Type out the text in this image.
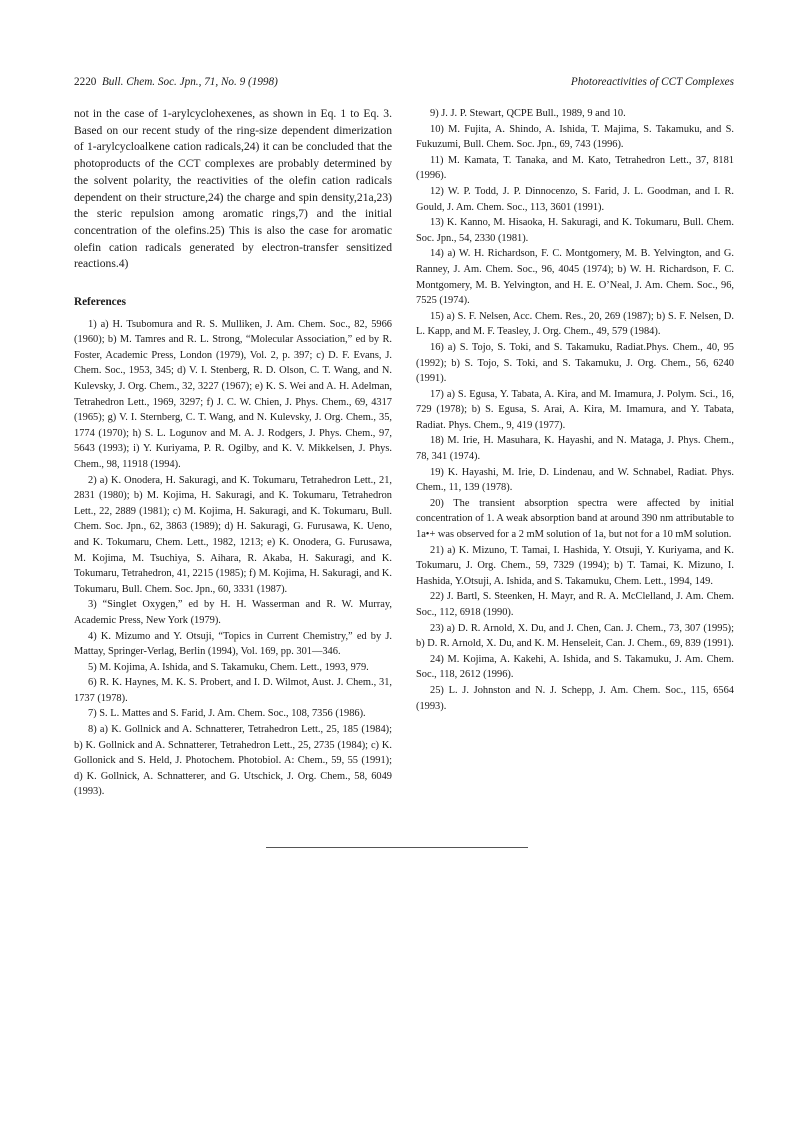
2220 Bull. Chem. Soc. Jpn., 71, No. 9 (1998)	Photoreactivities of CCT Complexes

not in the case of 1-arylcyclohexenes, as shown in Eq. 1 to Eq. 3. Based on our recent study of the ring-size dependent dimerization of 1-arylcycloalkene cation radicals,24) it can be concluded that the photoproducts of the CCT complexes are probably determined by the solvent polarity, the reactivities of the olefin cation radicals dependent on their structure,24) the charge and spin density,21a,23) the steric repulsion among aromatic rings,7) and the initial concentration of the olefins.25) This is also the case for aromatic olefin cation radicals generated by electron-transfer sensitized reactions.4)

References

1) a) H. Tsubomura and R. S. Mulliken, J. Am. Chem. Soc., 82, 5966 (1960); b) M. Tamres and R. L. Strong, “Molecular Association,” ed by R. Foster, Academic Press, London (1979), Vol. 2, p. 397; c) D. F. Evans, J. Chem. Soc., 1953, 345; d) V. I. Stenberg, R. D. Olson, C. T. Wang, and N. Kulevsky, J. Org. Chem., 32, 3227 (1967); e) K. S. Wei and A. H. Adelman, Tetrahedron Lett., 1969, 3297; f) J. C. W. Chien, J. Phys. Chem., 69, 4317 (1965); g) V. I. Sternberg, C. T. Wang, and N. Kulevsky, J. Org. Chem., 35, 1774 (1970); h) S. L. Logunov and M. A. J. Rodgers, J. Phys. Chem., 97, 5643 (1993); i) Y. Kuriyama, P. R. Ogilby, and K. V. Mikkelsen, J. Phys. Chem., 98, 11918 (1994).

2) a) K. Onodera, H. Sakuragi, and K. Tokumaru, Tetrahedron Lett., 21, 2831 (1980); b) M. Kojima, H. Sakuragi, and K. Tokumaru, Tetrahedron Lett., 22, 2889 (1981); c) M. Kojima, H. Sakuragi, and K. Tokumaru, Bull. Chem. Soc. Jpn., 62, 3863 (1989); d) H. Sakuragi, G. Furusawa, K. Ueno, and K. Tokumaru, Chem. Lett., 1982, 1213; e) K. Onodera, G. Furusawa, M. Kojima, M. Tsuchiya, S. Aihara, R. Akaba, H. Sakuragi, and K. Tokumaru, Tetrahedron, 41, 2215 (1985); f) M. Kojima, H. Sakuragi, and K. Tokumaru, Bull. Chem. Soc. Jpn., 60, 3331 (1987).

3) “Singlet Oxygen,” ed by H. H. Wasserman and R. W. Murray, Academic Press, New York (1979).

4) K. Mizumo and Y. Otsuji, “Topics in Current Chemistry,” ed by J. Mattay, Springer-Verlag, Berlin (1994), Vol. 169, pp. 301—346.

5) M. Kojima, A. Ishida, and S. Takamuku, Chem. Lett., 1993, 979.

6) R. K. Haynes, M. K. S. Probert, and I. D. Wilmot, Aust. J. Chem., 31, 1737 (1978).

7) S. L. Mattes and S. Farid, J. Am. Chem. Soc., 108, 7356 (1986).

8) a) K. Gollnick and A. Schnatterer, Tetrahedron Lett., 25, 185 (1984); b) K. Gollnick and A. Schnatterer, Tetrahedron Lett., 25, 2735 (1984); c) K. Gollonick and S. Held, J. Photochem. Photobiol. A: Chem., 59, 55 (1991); d) K. Gollnick, A. Schnatterer, and G. Utschick, J. Org. Chem., 58, 6049 (1993).

9) J. J. P. Stewart, QCPE Bull., 1989, 9 and 10.

10) M. Fujita, A. Shindo, A. Ishida, T. Majima, S. Takamuku, and S. Fukuzumi, Bull. Chem. Soc. Jpn., 69, 743 (1996).

11) M. Kamata, T. Tanaka, and M. Kato, Tetrahedron Lett., 37, 8181 (1996).

12) W. P. Todd, J. P. Dinnocenzo, S. Farid, J. L. Goodman, and I. R. Gould, J. Am. Chem. Soc., 113, 3601 (1991).

13) K. Kanno, M. Hisaoka, H. Sakuragi, and K. Tokumaru, Bull. Chem. Soc. Jpn., 54, 2330 (1981).

14) a) W. H. Richardson, F. C. Montgomery, M. B. Yelvington, and G. Ranney, J. Am. Chem. Soc., 96, 4045 (1974); b) W. H. Richardson, F. C. Montgomery, M. B. Yelvington, and H. E. O’Neal, J. Am. Chem. Soc., 96, 7525 (1974).

15) a) S. F. Nelsen, Acc. Chem. Res., 20, 269 (1987); b) S. F. Nelsen, D. L. Kapp, and M. F. Teasley, J. Org. Chem., 49, 579 (1984).

16) a) S. Tojo, S. Toki, and S. Takamuku, Radiat.Phys. Chem., 40, 95 (1992); b) S. Tojo, S. Toki, and S. Takamuku, J. Org. Chem., 56, 6240 (1991).

17) a) S. Egusa, Y. Tabata, A. Kira, and M. Imamura, J. Polym. Sci., 16, 729 (1978); b) S. Egusa, S. Arai, A. Kira, M. Imamura, and Y. Tabata, Radiat. Phys. Chem., 9, 419 (1977).

18) M. Irie, H. Masuhara, K. Hayashi, and N. Mataga, J. Phys. Chem., 78, 341 (1974).

19) K. Hayashi, M. Irie, D. Lindenau, and W. Schnabel, Radiat. Phys. Chem., 11, 139 (1978).

20) The transient absorption spectra were affected by initial concentration of 1. A weak absorption band at around 390 nm attributable to 1a•+ was observed for a 2 mM solution of 1a, but not for a 10 mM solution.

21) a) K. Mizuno, T. Tamai, I. Hashida, Y. Otsuji, Y. Kuriyama, and K. Tokumaru, J. Org. Chem., 59, 7329 (1994); b) T. Tamai, K. Mizuno, I. Hashida, Y.Otsuji, A. Ishida, and S. Takamuku, Chem. Lett., 1994, 149.

22) J. Bartl, S. Steenken, H. Mayr, and R. A. McClelland, J. Am. Chem. Soc., 112, 6918 (1990).

23) a) D. R. Arnold, X. Du, and J. Chen, Can. J. Chem., 73, 307 (1995); b) D. R. Arnold, X. Du, and K. M. Henseleit, Can. J. Chem., 69, 839 (1991).

24) M. Kojima, A. Kakehi, A. Ishida, and S. Takamuku, J. Am. Chem. Soc., 118, 2612 (1996).

25) L. J. Johnston and N. J. Schepp, J. Am. Chem. Soc., 115, 6564 (1993).
